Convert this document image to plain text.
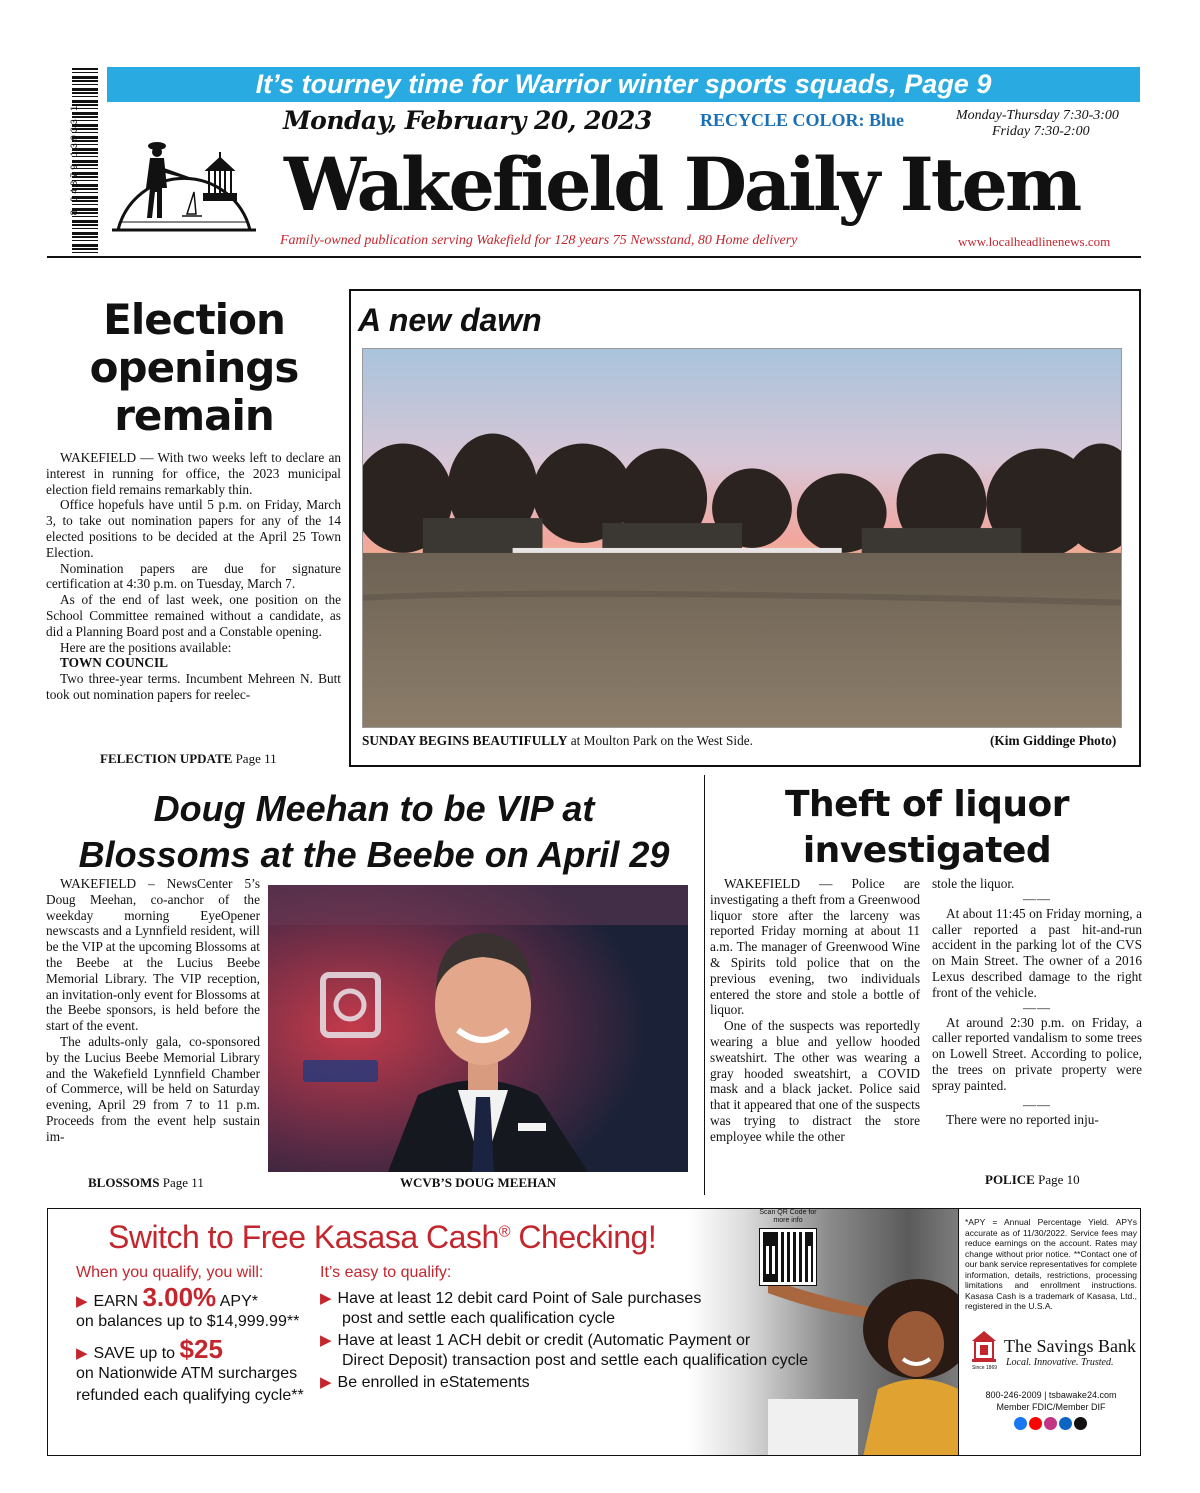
8 04879 13933 1
It’s tourney time for Warrior winter sports squads, Page 9
Monday, February 20, 2023	RECYCLE COLOR: Blue	Monday-Thursday 7:30-3:00
Friday 7:30-2:00
Wakefield Daily Item
Family-owned publication serving Wakefield for 128 years 75 Newsstand, 80 Home delivery	www.localheadlinenews.com
Election openings remain

WAKEFIELD — With two weeks left to declare an interest in running for office, the 2023 municipal election field remains remarkably thin.

Office hopefuls have until 5 p.m. on Friday, March 3, to take out nomination papers for any of the 14 elected positions to be decided at the April 25 Town Election.

Nomination papers are due for signature certification at 4:30 p.m. on Tuesday, March 7.

As of the end of last week, one position on the School Committee remained without a candidate, as did a Planning Board post and a Constable opening.

Here are the positions available:

TOWN COUNCIL

Two three-year terms. Incumbent Mehreen N. Butt took out nomination papers for reelec-

FELECTION UPDATE Page 11
A new dawn
SUNDAY BEGINS BEAUTIFULLY at Moulton Park on the West Side.	(Kim Giddinge Photo)
Doug Meehan to be VIP at
Blossoms at the Beebe on April 29

WAKEFIELD – NewsCenter 5’s Doug Meehan, co-anchor of the weekday morning EyeOpener newscasts and a Lynnfield resident, will be the VIP at the upcoming Blossoms at the Beebe at the Lucius Beebe Memorial Library. The VIP reception, an invitation-only event for Blossoms at the Beebe sponsors, is held before the start of the event.

The adults-only gala, co-sponsored by the Lucius Beebe Memorial Library and the Wakefield Lynnfield Chamber of Commerce, will be held on Saturday evening, April 29 from 7 to 11 p.m. Proceeds from the event help sustain im-

WCVB’S DOUG MEEHAN
BLOSSOMS Page 11
Theft of liquor investigated

WAKEFIELD — Police are investigating a theft from a Greenwood liquor store after the larceny was reported Friday morning at about 11 a.m. The manager of Greenwood Wine & Spirits told police that on the previous evening, two individuals entered the store and stole a bottle of liquor.

One of the suspects was reportedly wearing a blue and yellow hooded sweatshirt. The other was wearing a gray hooded sweatshirt, a COVID mask and a black jacket. Police said that it appeared that one of the suspects was trying to distract the store employee while the other

stole the liquor.
——

At about 11:45 on Friday morning, a caller reported a past hit-and-run accident in the parking lot of the CVS on Main Street. The owner of a 2016 Lexus described damage to the right front of the vehicle.

——

At around 2:30 p.m. on Friday, a caller reported vandalism to some trees on Lowell Street. According to police, the trees on private property were spray painted.

——

There were no reported inju-

POLICE Page 10
Switch to Free Kasasa Cash® Checking!
When you qualify, you will:
▶ EARN 3.00% APY*
on balances up to $14,999.99**
▶ SAVE up to $25
on Nationwide ATM surcharges
refunded each qualifying cycle**
It’s easy to qualify:
▶ Have at least 12 debit card Point of Sale purchases
post and settle each qualification cycle
▶ Have at least 1 ACH debit or credit (Automatic Payment or
Direct Deposit) transaction post and settle each qualification cycle
▶ Be enrolled in eStatements
Scan QR Code for more info	*APY = Annual Percentage Yield. APYs accurate as of 11/30/2022. Service fees may reduce earnings on the account. Rates may change without prior notice. **Contact one of our bank service representatives for complete information, details, restrictions, processing limitations and enrollment instructions. Kasasa Cash is a trademark of Kasasa, Ltd., registered in the U.S.A.
Since 1869
The Savings Bank
Local. Innovative. Trusted.
800-246-2009 | tsbawake24.com
Member FDIC/Member DIF
